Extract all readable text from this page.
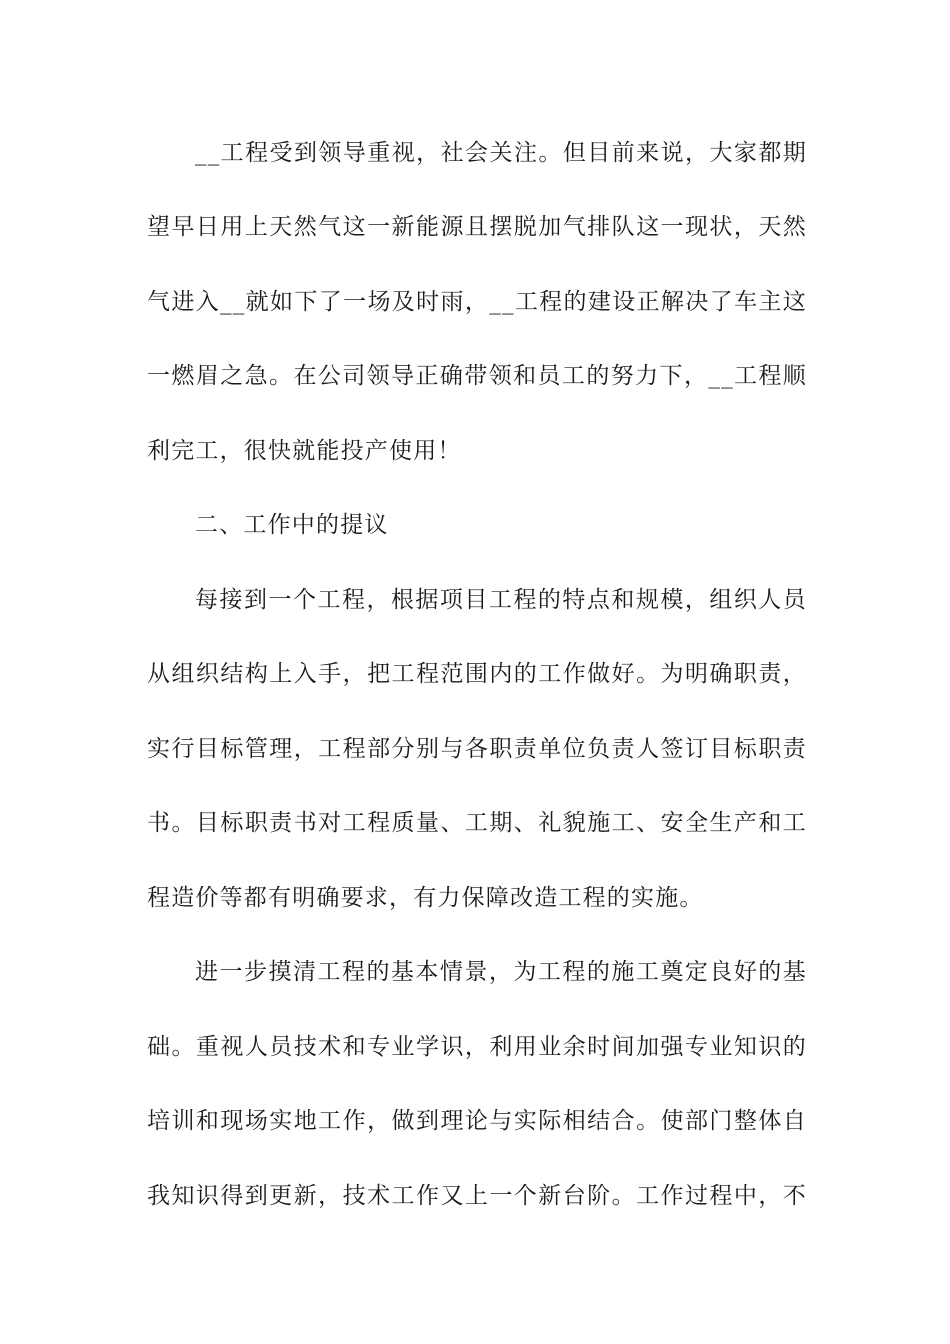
__工程受到领导重视，社会关注。但目前来说，大家都期
望早日用上天然气这一新能源且摆脱加气排队这一现状，天然
气进入__就如下了一场及时雨，__工程的建设正解决了车主这
一燃眉之急。在公司领导正确带领和员工的努力下，__工程顺
利完工，很快就能投产使用！
二、工作中的提议
每接到一个工程，根据项目工程的特点和规模，组织人员
从组织结构上入手，把工程范围内的工作做好。为明确职责，
实行目标管理，工程部分别与各职责单位负责人签订目标职责
书。目标职责书对工程质量、工期、礼貌施工、安全生产和工
程造价等都有明确要求，有力保障改造工程的实施。
进一步摸清工程的基本情景，为工程的施工奠定良好的基
础。重视人员技术和专业学识，利用业余时间加强专业知识的
培训和现场实地工作，做到理论与实际相结合。使部门整体自
我知识得到更新，技术工作又上一个新台阶。工作过程中，不
